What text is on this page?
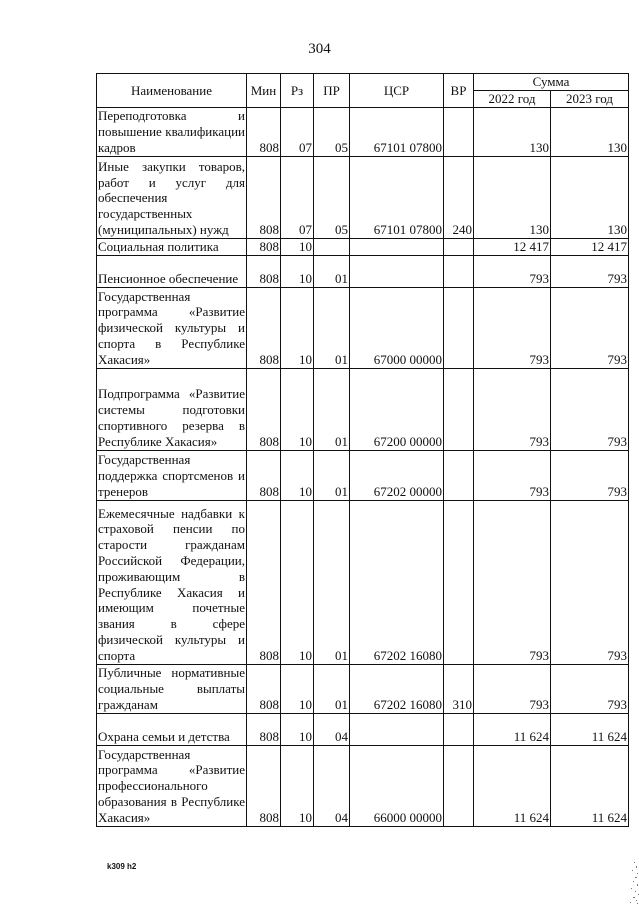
304
Наименование	Мин	Рз	ПР	ЦСР	ВР	Сумма	
						2022 год	2023 год
Переподготовка и повышение квалификации кадров	808	07	05	67101 07800		130	130
Иные закупки товаров, работ и услуг для обеспечения государственных (муниципальных) нужд	808	07	05	67101 07800	240	130	130
Социальная политика	808	10				12 417	12 417
Пенсионное обеспечение	808	10	01			793	793
Государственная программа «Развитие физической культуры и спорта в Республике Хакасия»	808	10	01	67000 00000		793	793
Подпрограмма «Развитие системы подготовки спортивного резерва в Республике Хакасия»	808	10	01	67200 00000		793	793
Государственная поддержка спортсменов и тренеров	808	10	01	67202 00000		793	793
Ежемесячные надбавки к страховой пенсии по старости гражданам Российской Федерации, проживающим в Республике Хакасия и имеющим почетные звания в сфере физической культуры и спорта	808	10	01	67202 16080		793	793
Публичные нормативные социальные выплаты гражданам	808	10	01	67202 16080	310	793	793
Охрана семьи и детства	808	10	04			11 624	11 624
Государственная программа «Развитие профессионального образования в Республике Хакасия»	808	10	04	66000 00000		11 624	11 624
k309 h2
